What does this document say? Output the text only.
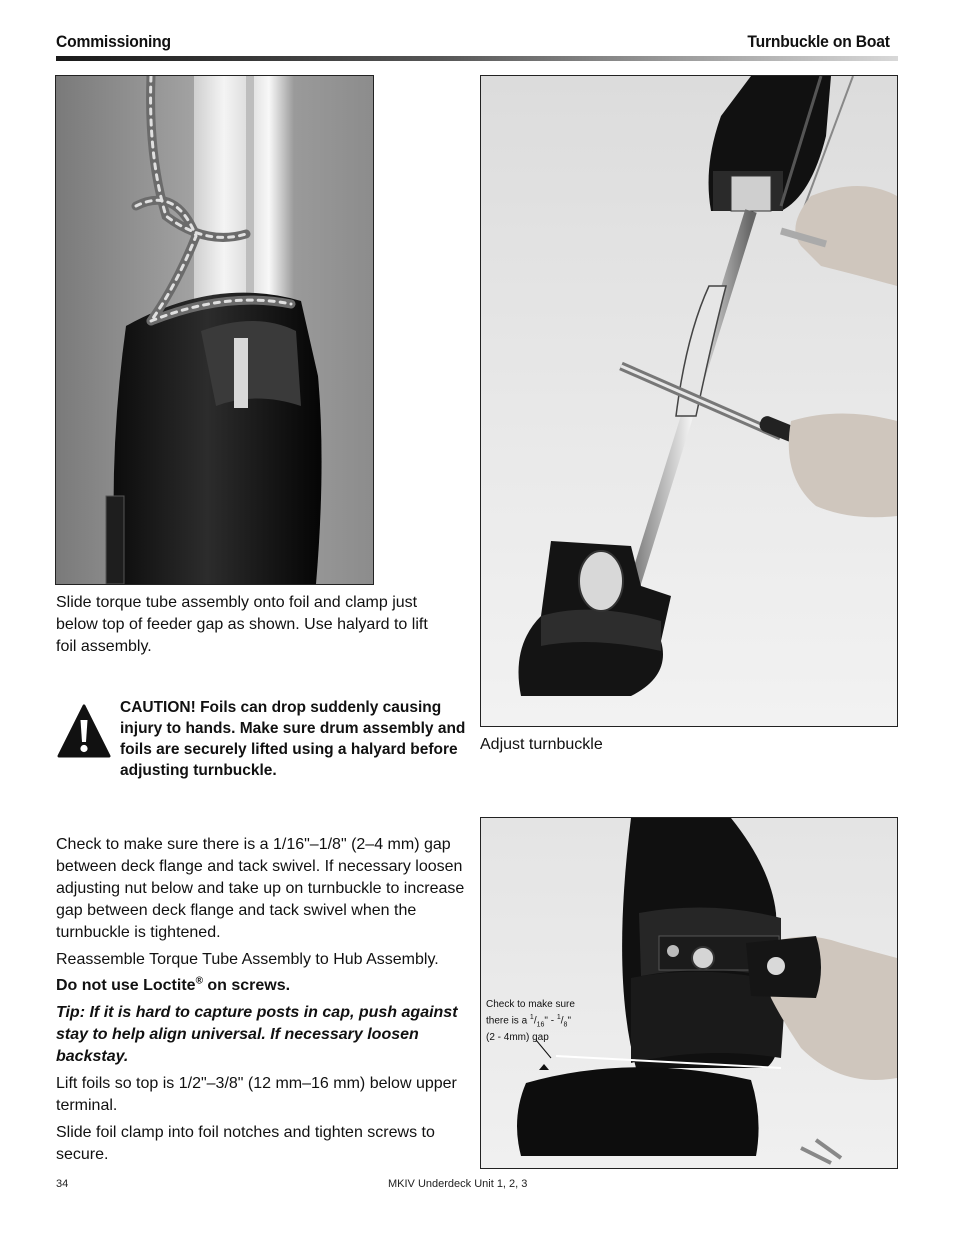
Commissioning	Turnbuckle on Boat
Slide torque tube assembly onto foil and clamp just below top of feeder gap as shown. Use halyard to lift foil assembly.
CAUTION! Foils can drop suddenly causing injury to hands. Make sure drum assembly and foils are securely lifted using a halyard before adjusting turnbuckle.
Adjust turnbuckle

Check to make sure there is a 1/16"–1/8" (2–4 mm) gap between deck flange and tack swivel. If necessary loosen adjusting nut below and take up on turnbuckle to increase gap between deck flange and tack swivel when the turnbuckle is tightened.

Reassemble Torque Tube Assembly to Hub Assembly.
Do not use Loctite® on screws.

Tip: If it is hard to capture posts in cap, push against stay to help align universal. If necessary loosen backstay.

Lift foils so top is 1/2"–3/8" (12 mm–16 mm) below upper terminal.

Slide foil clamp into foil notches and tighten screws to secure.

Check to make sure
there is a $^1/_{16}$" - $^1/_8$"
(2 - 4mm) gap
34	MKIV Underdeck Unit 1, 2, 3
